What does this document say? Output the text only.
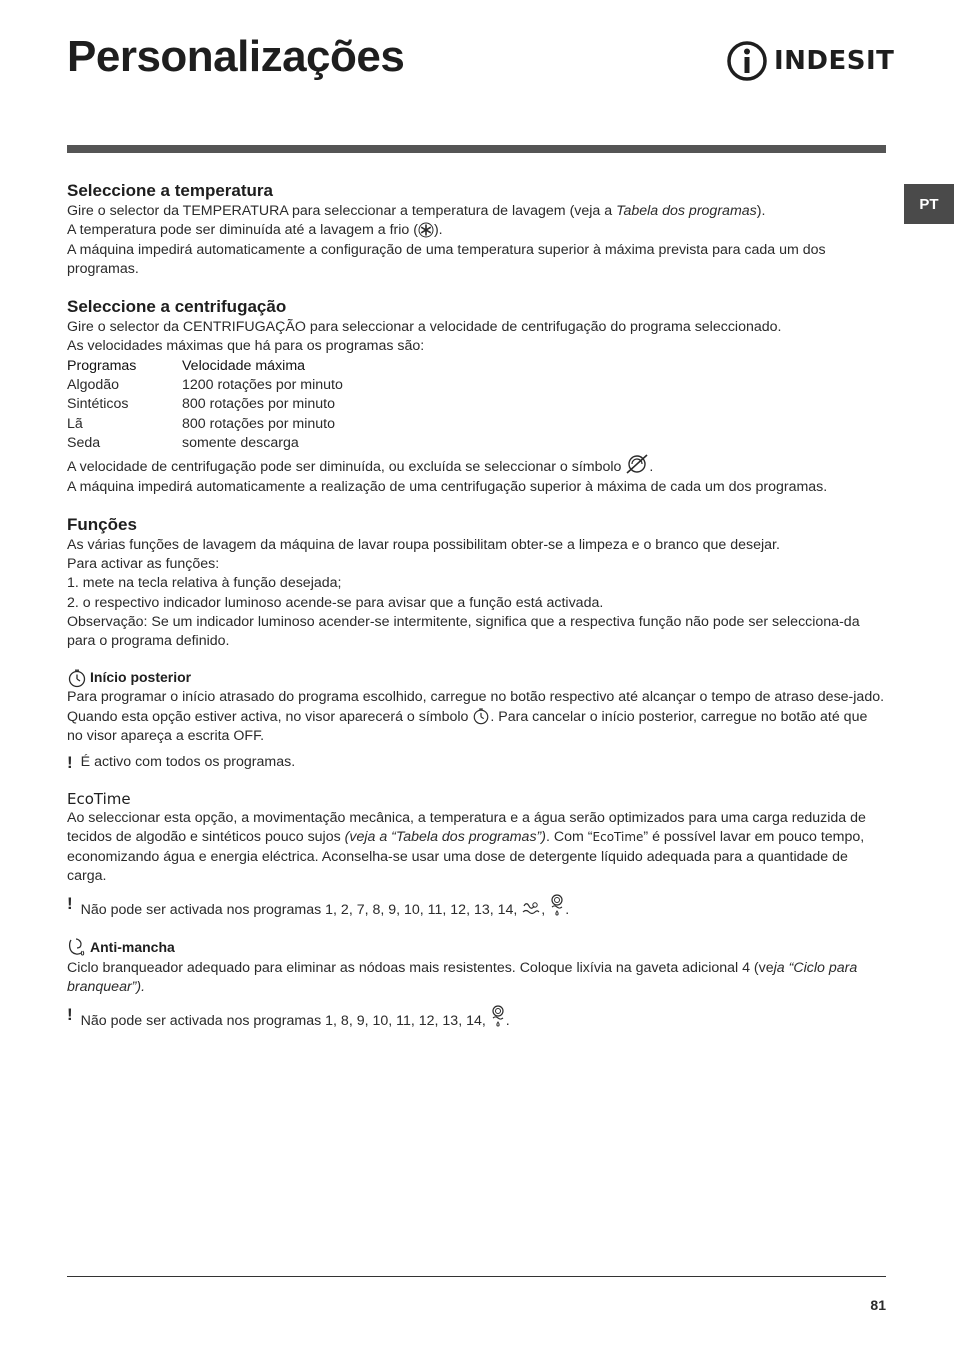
Personalizações	INDESIT
PT
Seleccione a temperatura

Gire o selector da TEMPERATURA para seleccionar a temperatura de lavagem (veja a Tabela dos programas).

A temperatura pode ser diminuída até a lavagem a frio ( ).

A máquina impedirá automaticamente a configuração de uma temperatura superior à máxima prevista para cada um dos programas.

Seleccione a centrifugação

Gire o selector da CENTRIFUGAÇÃO para seleccionar a velocidade de centrifugação do programa seleccionado.

As velocidades máximas que há para os programas são:

Programas	Velocidade máxima
Algodão	1200 rotações por minuto
Sintéticos	800 rotações por minuto
Lã	800 rotações por minuto
Seda	somente descarga

A velocidade de centrifugação pode ser diminuída, ou excluída se seleccionar o símbolo .

A máquina impedirá automaticamente a realização de uma centrifugação superior à máxima de cada um dos programas.

Funções

As várias funções de lavagem da máquina de lavar roupa possibilitam obter-se a limpeza e o branco que desejar.

Para activar as funções:

1. mete na tecla relativa à função desejada;

2. o respectivo indicador luminoso acende-se para avisar que a função está activada.

Observação: Se um indicador luminoso acender-se intermitente, significa que a respectiva função não pode ser selecciona-da para o programa definido.

Início posterior

Para programar o início atrasado do programa escolhido, carregue no botão respectivo até alcançar o tempo de atraso dese-jado. Quando esta opção estiver activa, no visor aparecerá o símbolo . Para cancelar o início posterior, carregue no botão até que no visor apareça a escrita OFF.

! É activo com todos os programas.
EcoTime

Ao seleccionar esta opção, a movimentação mecânica, a temperatura e a água serão optimizados para uma carga reduzida de tecidos de algodão e sintéticos pouco sujos (veja a “Tabela dos programas”). Com “EcoTime” é possível lavar em pouco tempo, economizando água e energia eléctrica. Aconselha-se usar uma dose de detergente líquido adequada para a quantidade de carga.

! Não pode ser activada nos programas 1, 2, 7, 8, 9, 10, 11, 12, 13, 14, , .
Anti-mancha

Ciclo branqueador adequado para eliminar as nódoas mais resistentes. Coloque lixívia na gaveta adicional 4 (veja “Ciclo para branquear”).

! Não pode ser activada nos programas 1, 8, 9, 10, 11, 12, 13, 14, .
81
